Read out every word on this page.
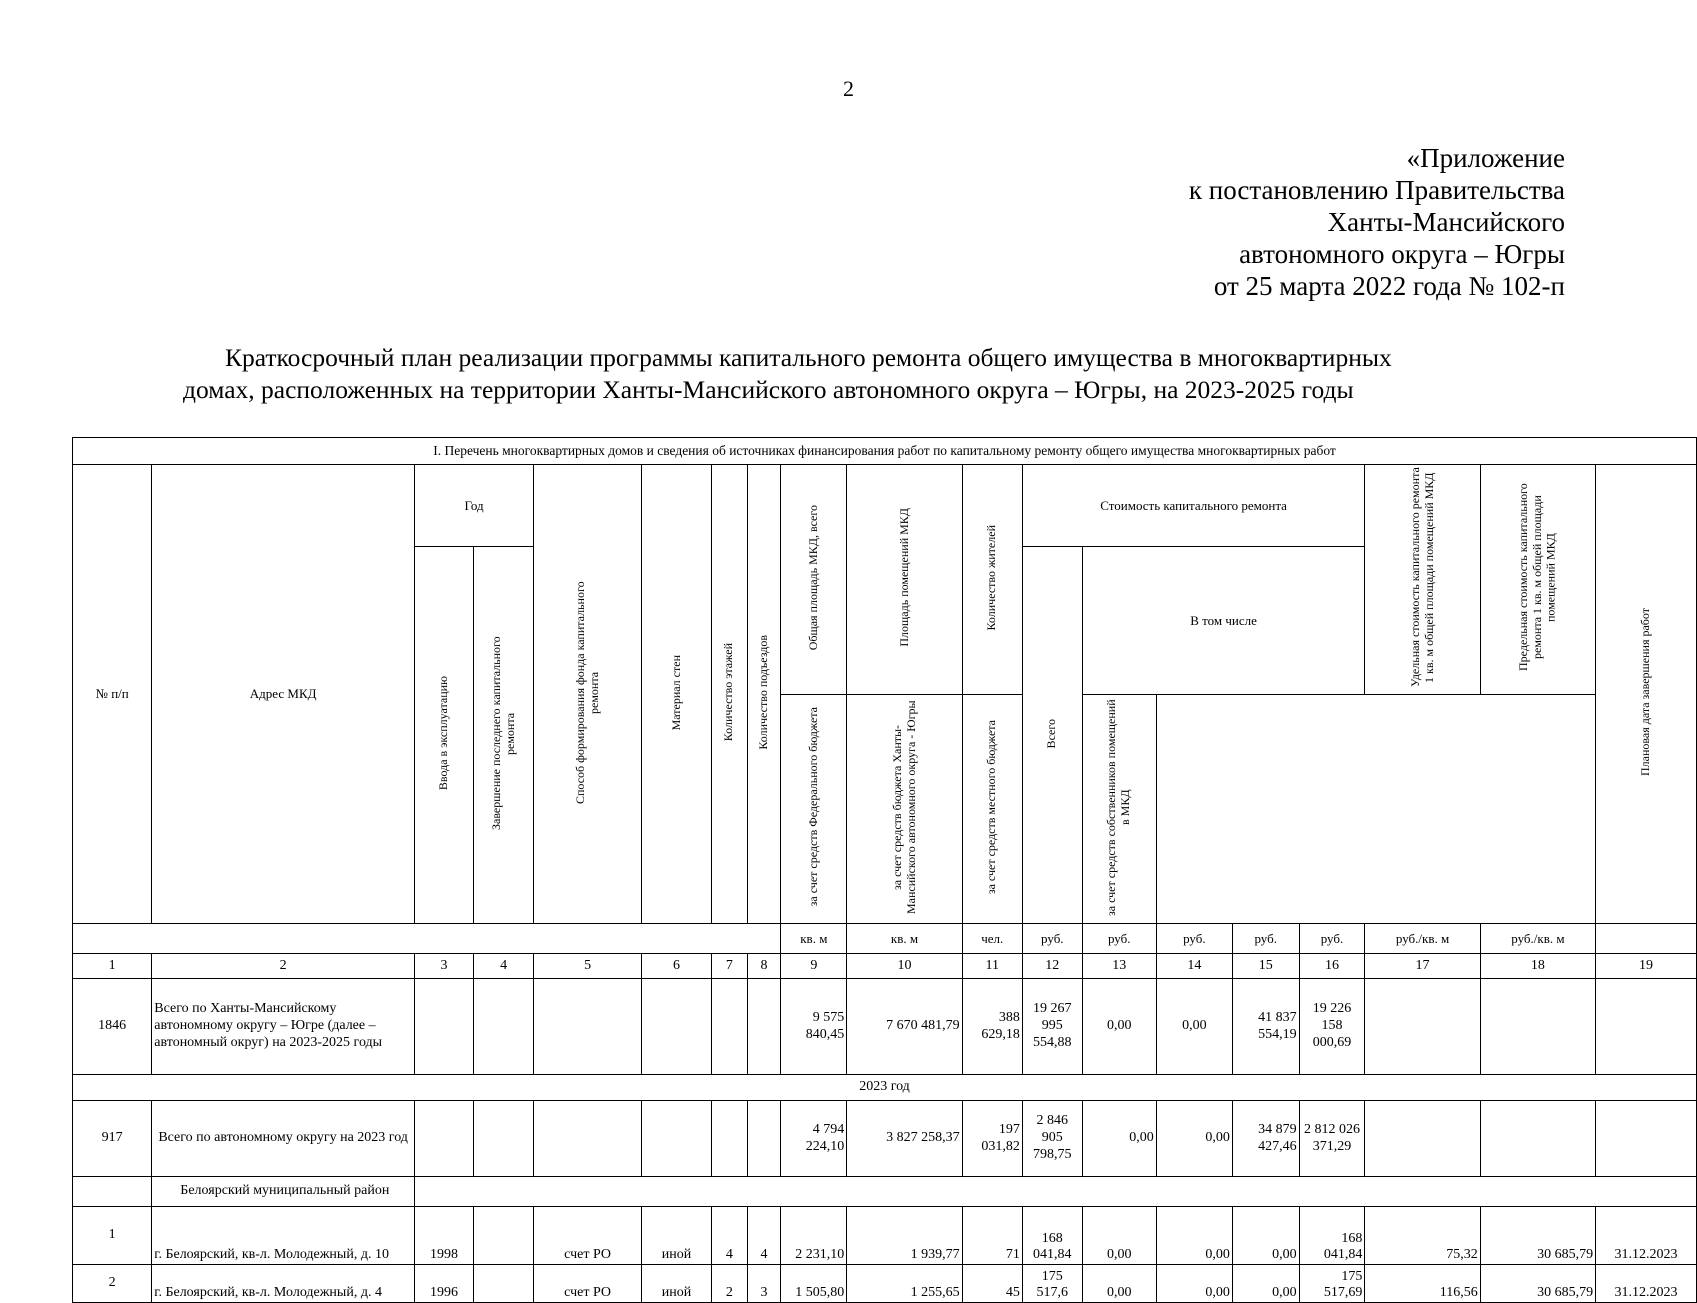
2
«Приложение
к постановлению Правительства
Ханты-Мансийского
автономного округа – Югры
от 25 марта 2022 года № 102-п
Краткосрочный план реализации программы капитального ремонта общего имущества в многоквартирных
домах, расположенных на территории Ханты-Мансийского автономного округа – Югры, на 2023-2025 годы
I. Перечень многоквартирных домов и сведения об источниках финансирования работ по капитальному ремонту общего имущества многоквартирных работ																		
№ п/п	Адрес МКД	Год		Способ формирования фонда капитального ремонта	Материал стен	Количество этажей	Количество подъездов	Общая площадь МКД, всего	Площадь помещений МКД	Количество жителей	Стоимость капитального ремонта					Удельная стоимость капитального ремонта 1 кв. м общей площади помещений МКД	Предельная стоимость капитального ремонта 1 кв. м общей площади помещений МКД	Плановая дата завершения работ
		Ввода в эксплуатацию	Завершение последнего капитального ремонта								Всего	В том числе						
								за счет средств Федерального бюджета	за счет средств бюджета Ханты-Мансийского автономного округа - Югры	за счет средств местного бюджета		за счет средств собственников помещений в МКД						
								кв. м	кв. м	чел.	руб.	руб.	руб.	руб.	руб.	руб./кв. м	руб./кв. м	
1	2	3	4	5	6	7	8	9	10	11	12	13	14	15	16	17	18	19
1846	Всего по Ханты-Мансийскому автономному округу – Югре (далее – автономный округ) на 2023-2025 годы							9 575 840,45	7 670 481,79	388 629,18	19 267 995 554,88	0,00	0,00	41 837 554,19	19 226 158 000,69			
2023 год																		
917	Всего по автономному округу на 2023 год							4 794 224,10	3 827 258,37	197 031,82	2 846 905 798,75	0,00	0,00	34 879 427,46	2 812 026 371,29			
	Белоярский муниципальный район																	
1	г. Белоярский, кв-л. Молодежный, д. 10	1998		счет РО	иной	4	4	2 231,10	1 939,77	71	168 041,84	0,00	0,00	0,00	168 041,84	75,32	30 685,79	31.12.2023
2	г. Белоярский, кв-л. Молодежный, д. 4	1996		счет РО	иной	2	3	1 505,80	1 255,65	45	175 517,6	0,00	0,00	0,00	175 517,69	116,56	30 685,79	31.12.2023
